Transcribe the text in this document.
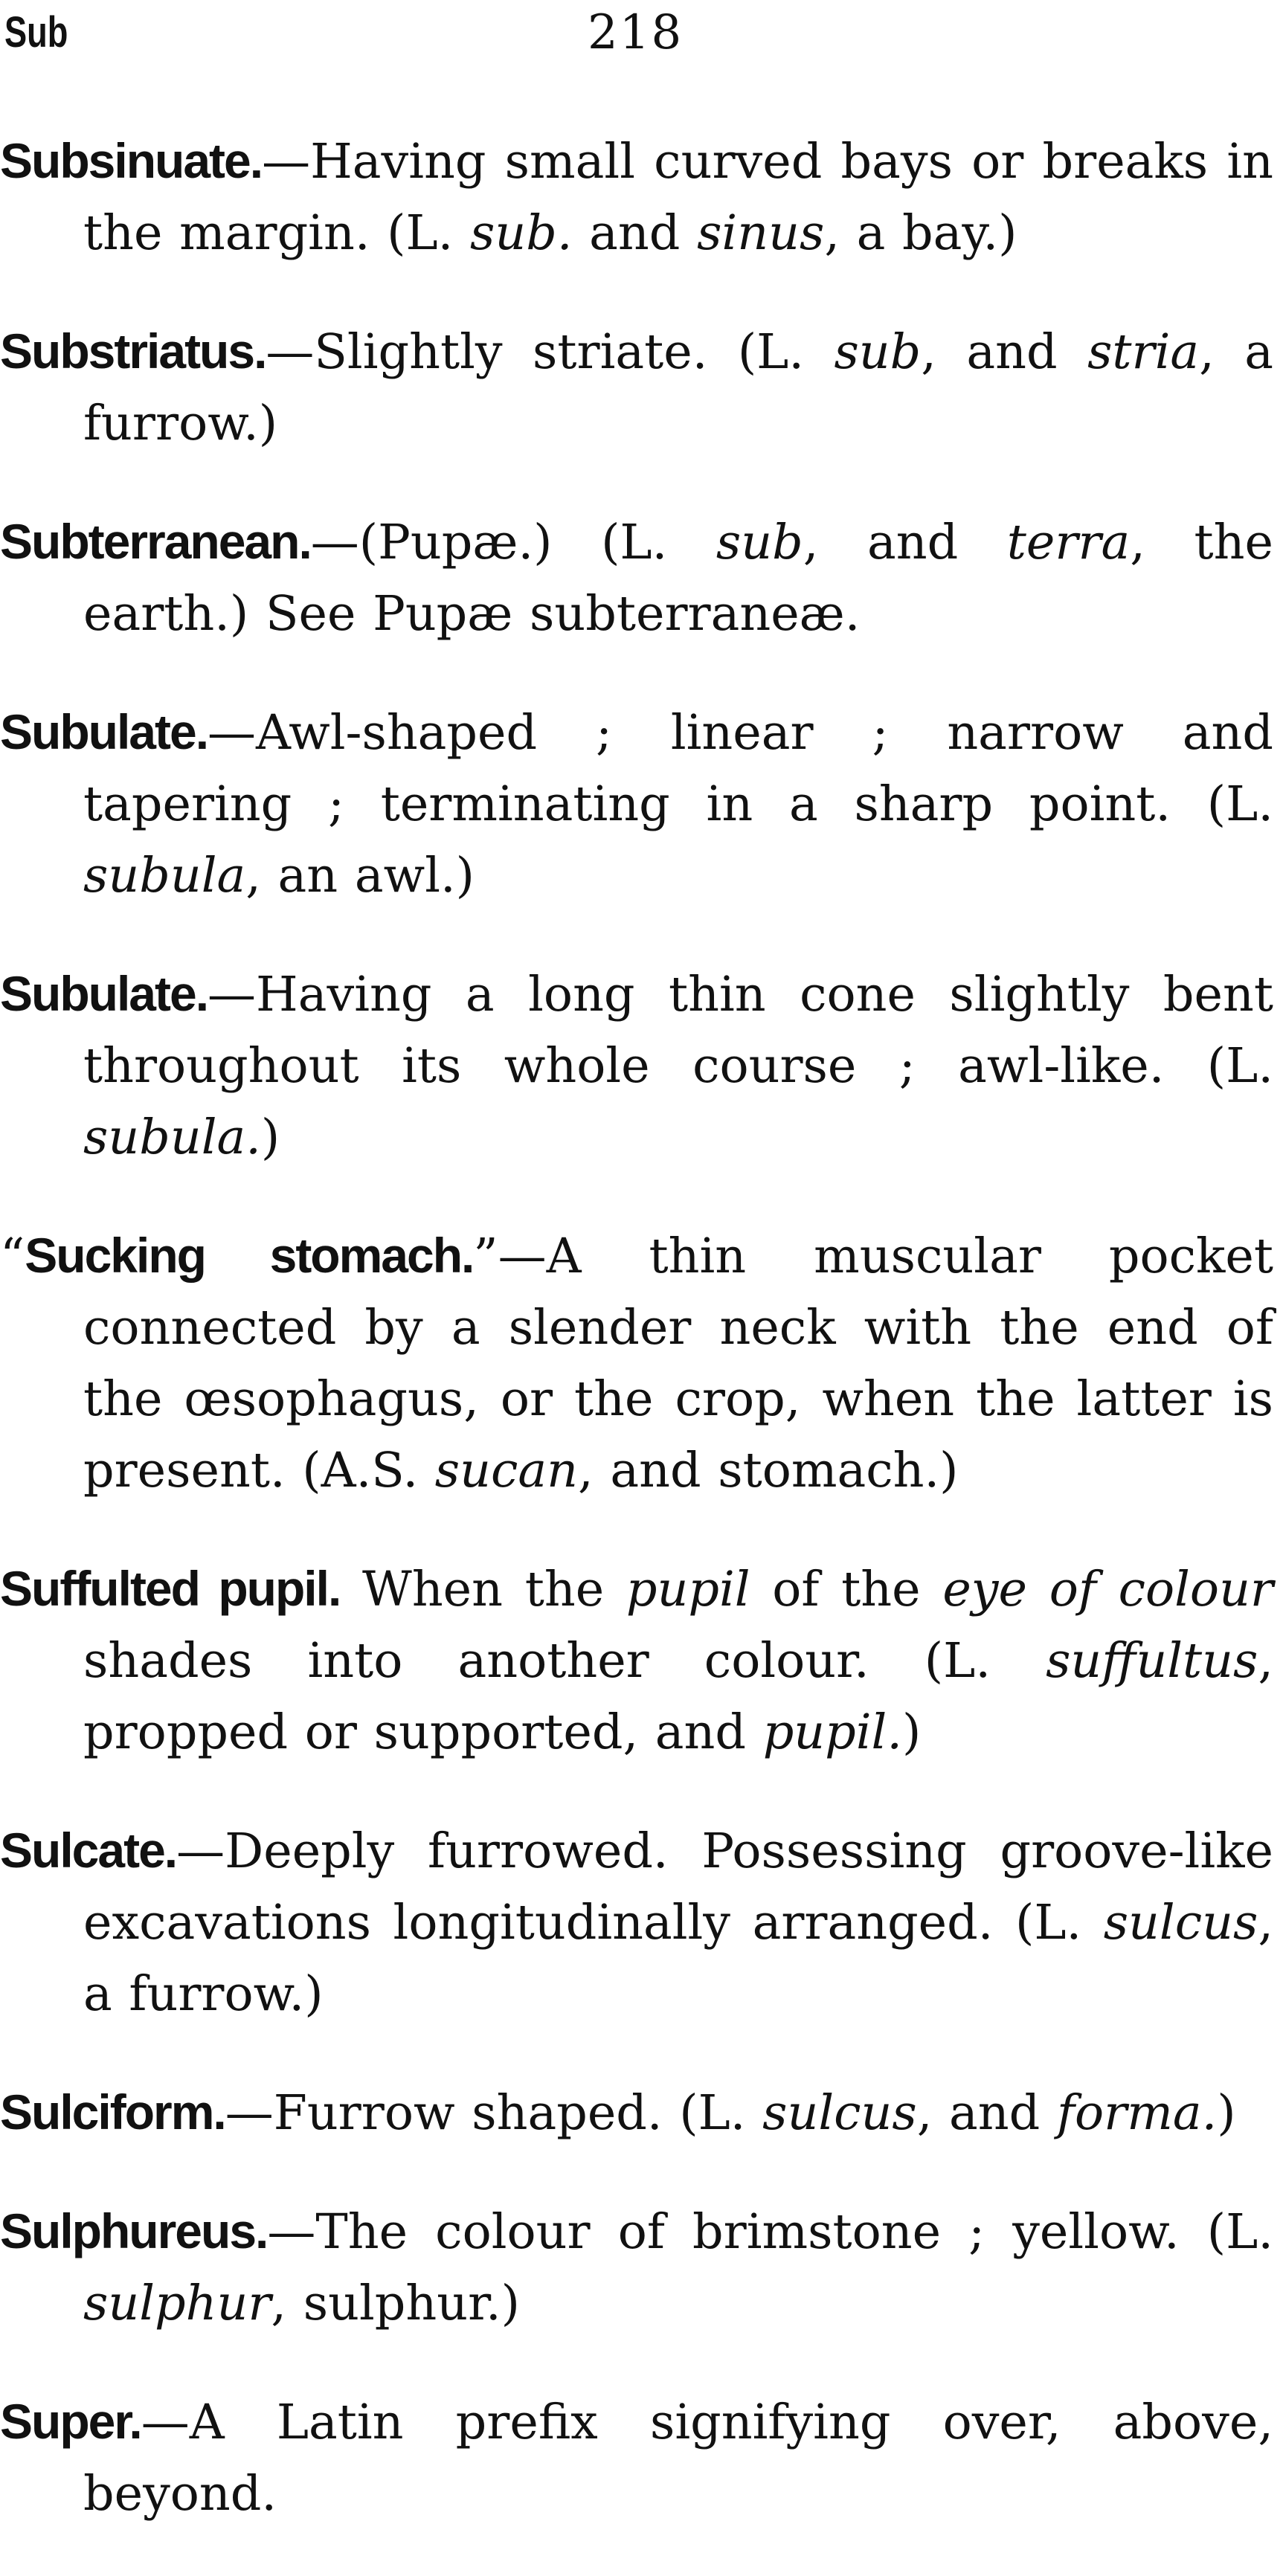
Sub	218

Subsinuate.—Having small curved bays or breaks in the margin. (L. sub. and sinus, a bay.)

Substriatus.—Slightly striate. (L. sub, and stria, a furrow.)

Subterranean.—(Pupæ.) (L. sub, and terra, the earth.) See Pupæ subterraneæ.

Subulate.—Awl-shaped ; linear ; narrow and tapering ; terminating in a sharp point. (L. subula, an awl.)

Subulate.—Having a long thin cone slightly bent throughout its whole course ; awl-like. (L. subula.)

“Sucking stomach.”—A thin muscular pocket connected by a slender neck with the end of the œsophagus, or the crop, when the latter is present. (A.S. sucan, and stomach.)

Suffulted pupil. When the pupil of the eye of colour shades into another colour. (L. suffultus, propped or supported, and pupil.)

Sulcate.—Deeply furrowed. Possessing groove-like excavations longitudinally arranged. (L. sulcus, a furrow.)

Sulciform.—Furrow shaped. (L. sulcus, and forma.)

Sulphureus.—The colour of brimstone ; yellow. (L. sulphur, sulphur.)

Super.—A Latin prefix signifying over, above, beyond.
